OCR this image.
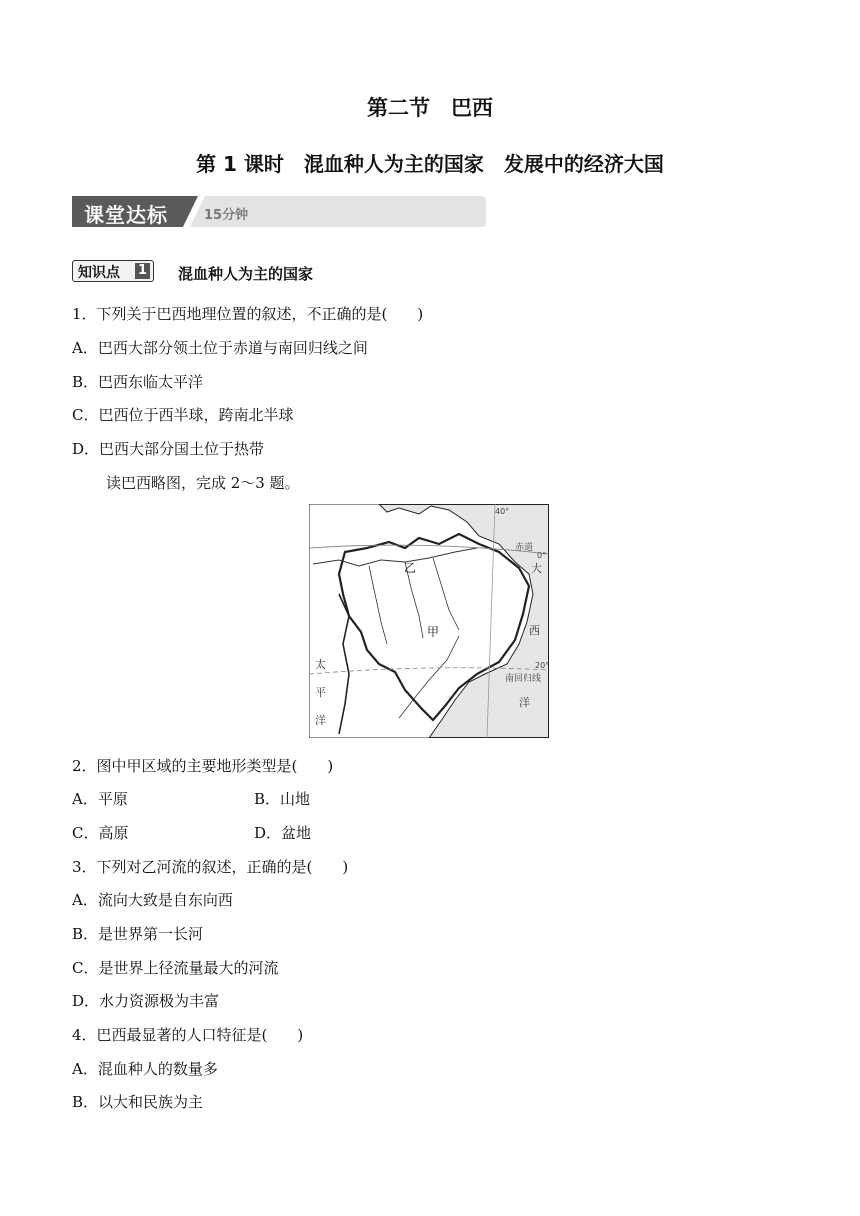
第二节　巴西
第 1 课时　混血种人为主的国家　发展中的经济大国
课堂达标	15分钟
知识点 1 混血种人为主的国家
1．下列关于巴西地理位置的叙述，不正确的是(　　)
A．巴西大部分领土位于赤道与南回归线之间
B．巴西东临太平洋
C．巴西位于西半球，跨南北半球
D．巴西大部分国土位于热带
读巴西略图，完成 2～3 题。
40°
赤道
0°
20°
南回归线
乙
甲
大
西
洋
太
平
洋
2．图中甲区域的主要地形类型是(　　)
A．平原	B．山地
C．高原	D．盆地
3．下列对乙河流的叙述，正确的是(　　)
A．流向大致是自东向西
B．是世界第一长河
C．是世界上径流量最大的河流
D．水力资源极为丰富
4．巴西最显著的人口特征是(　　)
A．混血种人的数量多
B．以大和民族为主
